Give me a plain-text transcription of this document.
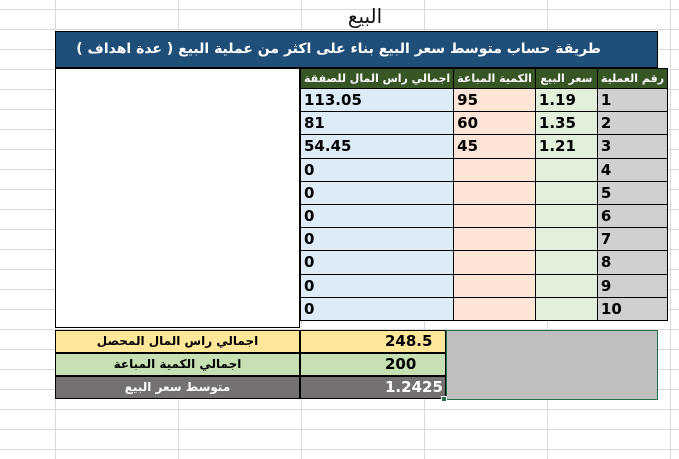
البيع
طريقة حساب متوسط سعر البيع بناء على اكثر من عملية البيع ( عدة اهداف )
رقم العملية	سعر البيع	الكمية المباعة	اجمالي راس المال للصفقة
1	1.19	95	113.05
2	1.35	60	81
3	1.21	45	54.45
4			0
5			0
6			0
7			0
8			0
9			0
10			0
اجمالي راس المال المحصل	248.5
اجمالي الكمية المباعة	200
متوسط سعر البيع	1.2425
